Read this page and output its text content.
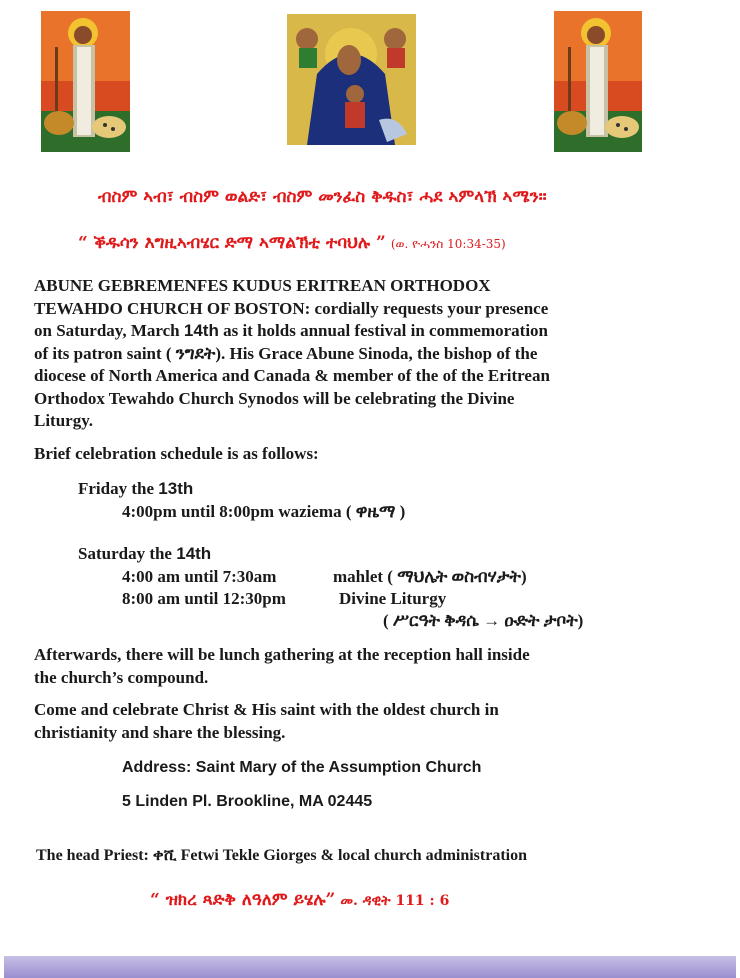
ብስም ኣብ፣ ብስም ወልድ፣ ብስም መንፈስ ቅዱስ፣ ሓደ ኣምላኽ ኣሜን።
“ ቕዱሳን እግዚኣብሄር ድማ ኣማልኽቲ ተባህሉ ” (ወ. ዮሓንስ 10:34-35)
ABUNE GEBREMENFES KUDUS ERITREAN ORTHODOX
TEWAHDO CHURCH OF BOSTON: cordially requests your presence
on Saturday, March 14th as it holds annual festival in commemoration
of its patron saint ( ንግደት). His Grace Abune Sinoda, the bishop of the
diocese of North America and Canada & member of the of the Eritrean
Orthodox Tewahdo Church Synodos will be celebrating the Divine
Liturgy.
Brief celebration schedule is as follows:
Friday the 13th
4:00pm until 8:00pm waziema ( ዋዜማ )
Saturday the 14th
4:00 am until 7:30am	mahlet ( ማህሌት ወስብሃታት)
8:00 am until 12:30pm	Divine Liturgy
( ሥርዓት ቅዳሴ → ዑድት ታቦት)
Afterwards, there will be lunch gathering at the reception hall inside
the church’s compound.
Come and celebrate Christ & His saint with the oldest church in
christianity and share the blessing.
Address: Saint Mary of the Assumption Church
5 Linden Pl. Brookline, MA 02445
The head Priest: ቀሺ Fetwi Tekle Giorges & local church administration
“ ዝክረ ጻድቅ ለዓለም ይሄሉ” መ. ዳዊት 111 : 6
